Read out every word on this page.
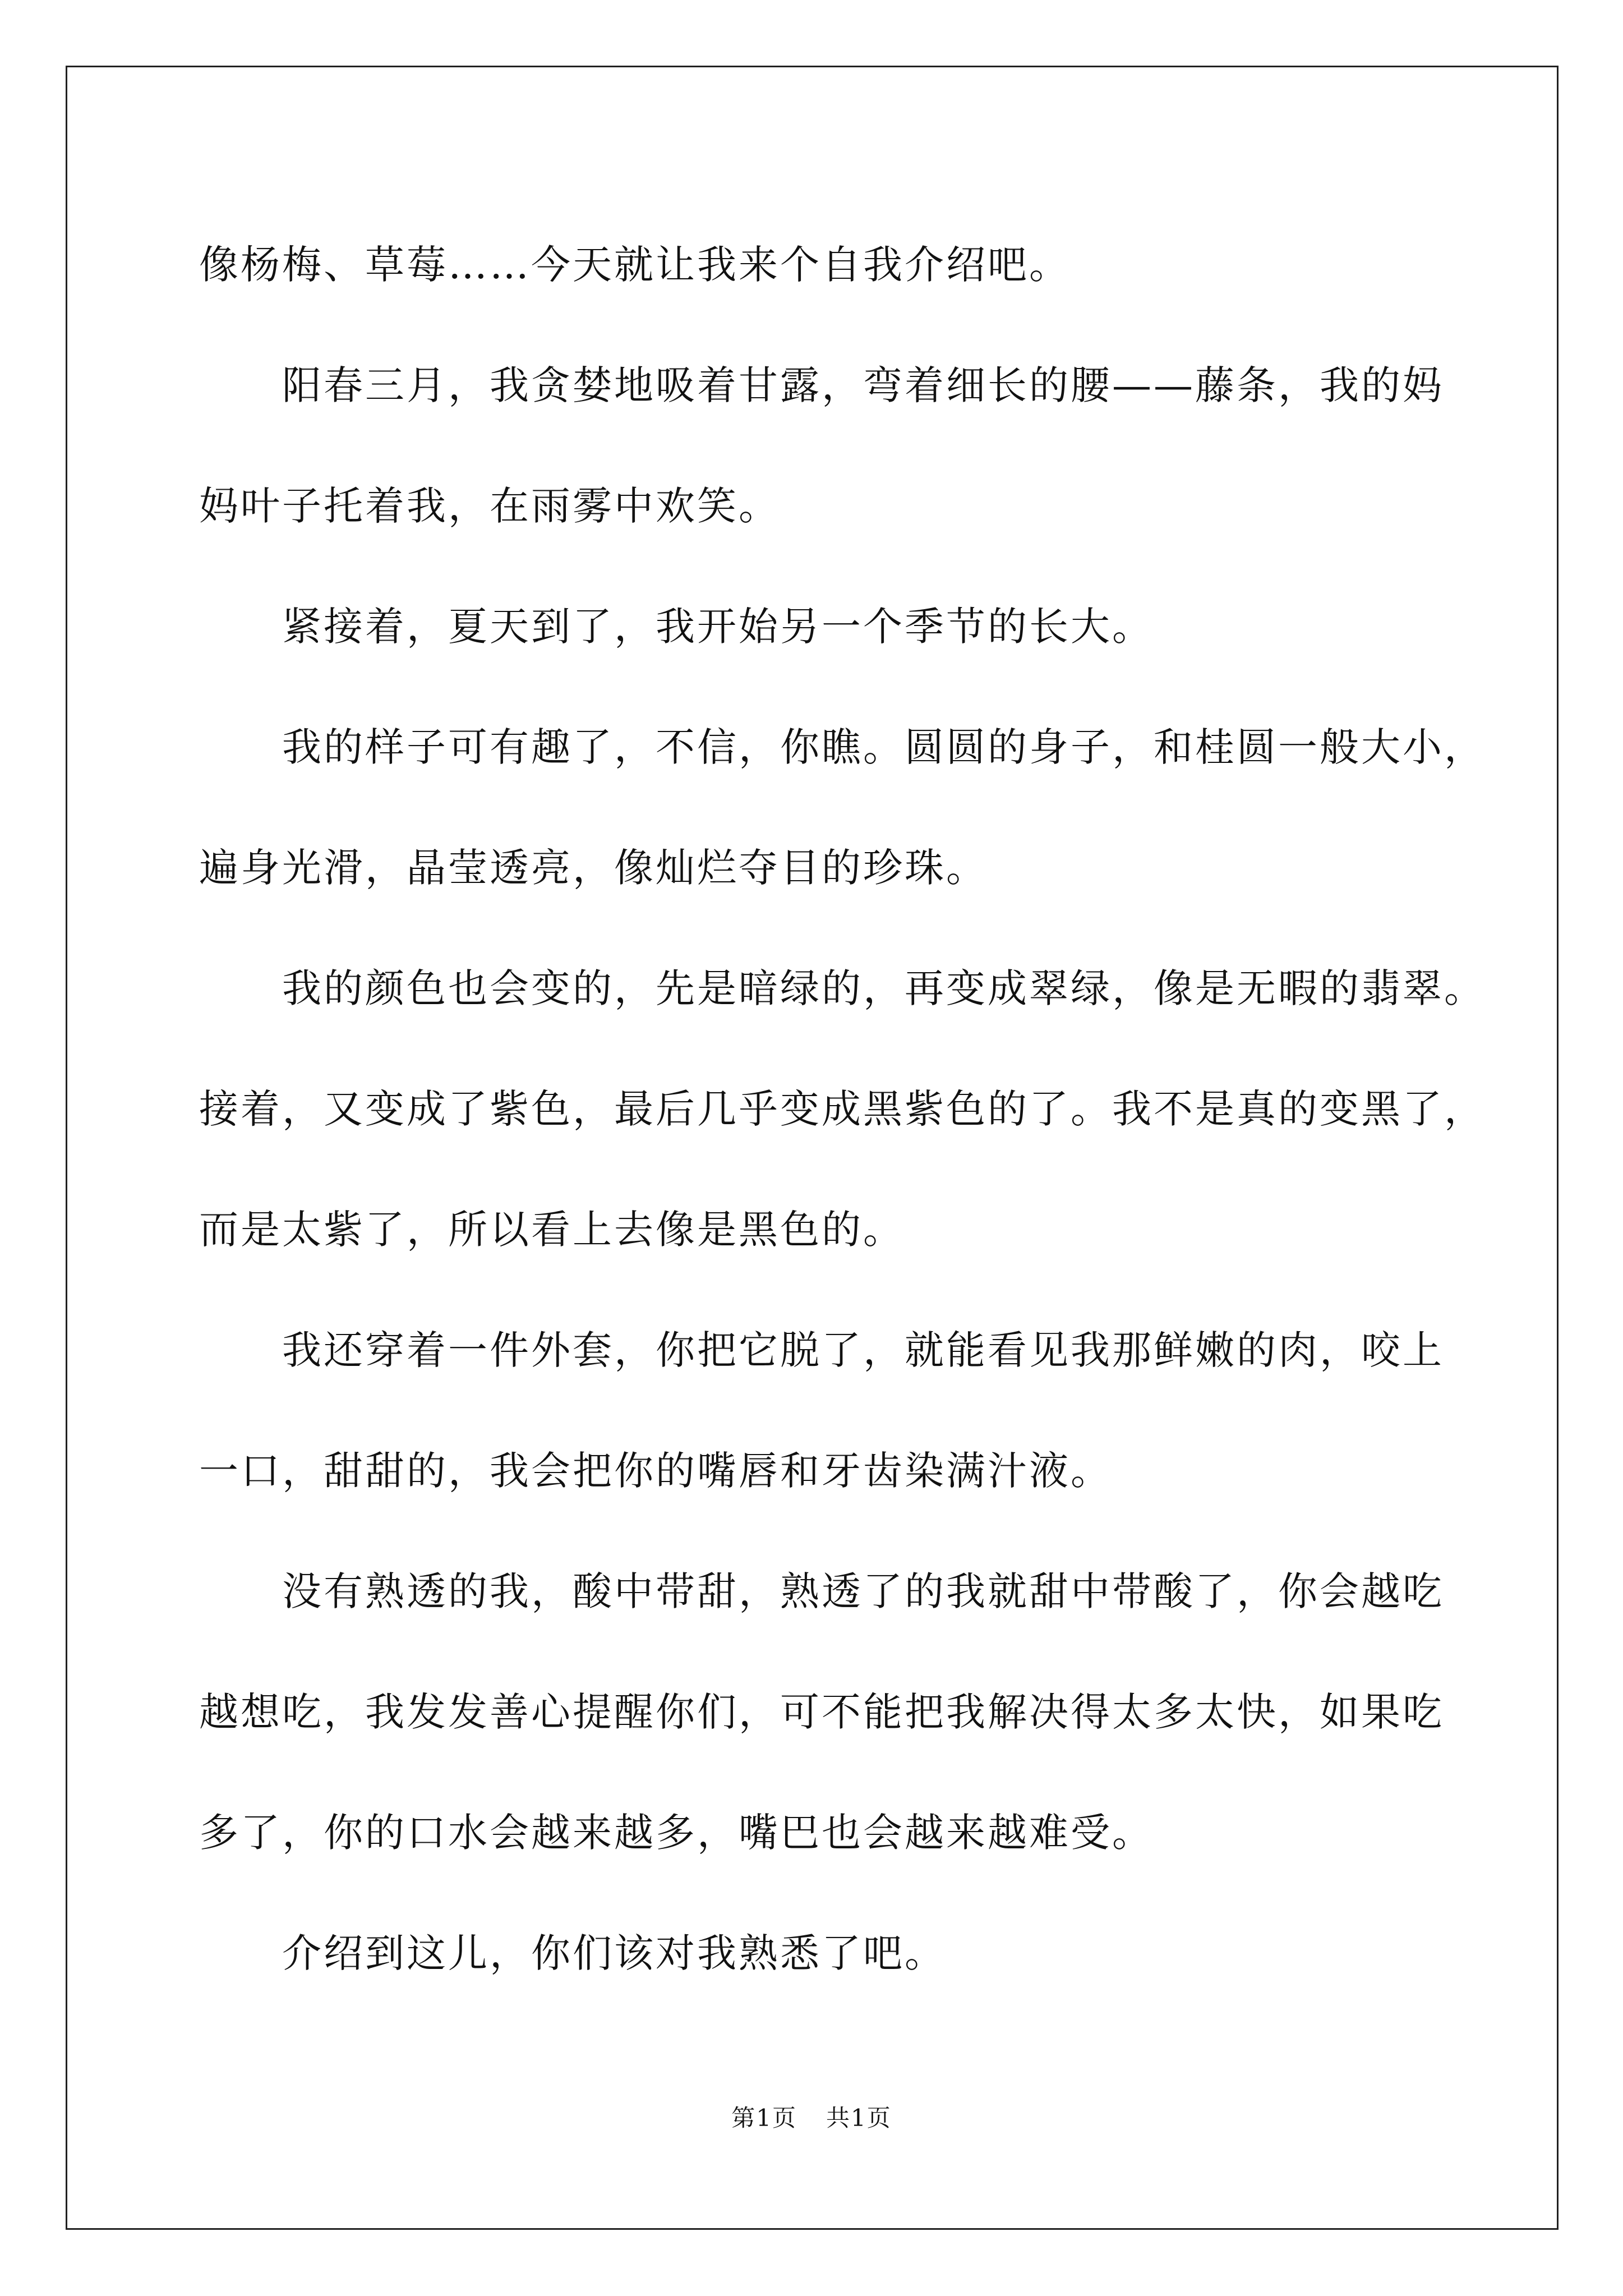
像杨梅、草莓……今天就让我来个自我介绍吧。

阳春三月，我贪婪地吸着甘露，弯着细长的腰——藤条，我的妈

妈叶子托着我，在雨雾中欢笑。

紧接着，夏天到了，我开始另一个季节的长大。

我的样子可有趣了，不信，你瞧。圆圆的身子，和桂圆一般大小，

遍身光滑，晶莹透亮，像灿烂夺目的珍珠。

我的颜色也会变的，先是暗绿的，再变成翠绿，像是无暇的翡翠。

接着，又变成了紫色，最后几乎变成黑紫色的了。我不是真的变黑了，

而是太紫了，所以看上去像是黑色的。

我还穿着一件外套，你把它脱了，就能看见我那鲜嫩的肉，咬上

一口，甜甜的，我会把你的嘴唇和牙齿染满汁液。

没有熟透的我，酸中带甜，熟透了的我就甜中带酸了，你会越吃

越想吃，我发发善心提醒你们，可不能把我解决得太多太快，如果吃

多了，你的口水会越来越多，嘴巴也会越来越难受。

介绍到这儿，你们该对我熟悉了吧。

第1页 共1页
